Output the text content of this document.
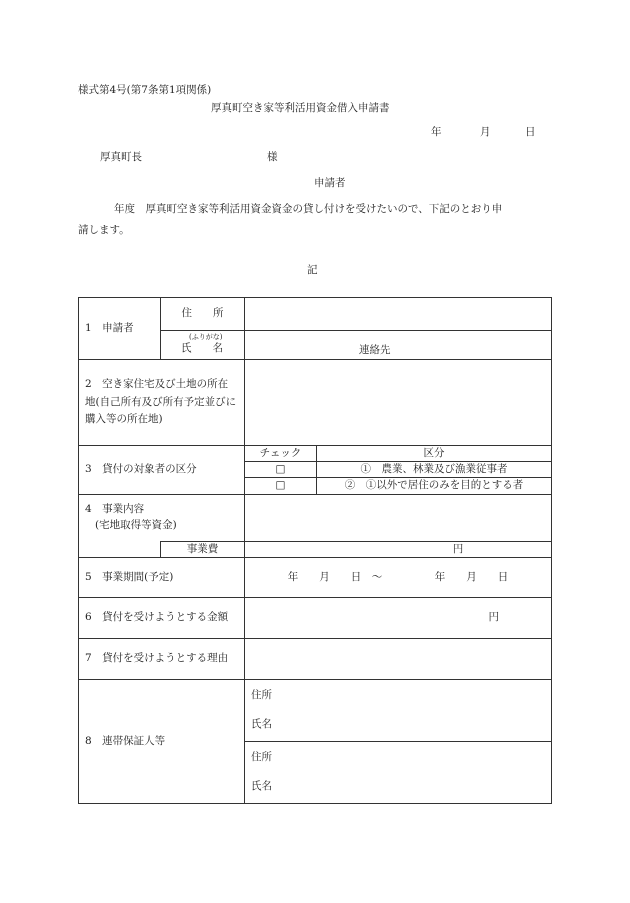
様式第4号(第7条第1項関係)
厚真町空き家等利活用資金借入申請書
年	月	日
厚真町長	様
申請者
年度　厚真町空き家等利活用資金資金の貸し付けを受けたいので、下記のとおり申
請します。
記
1　申請者	住　　所		

	(ふりがな)
氏　　名	連絡先	
2　空き家住宅及び土地の所在地(自己所有及び所有予定並びに購入等の所在地)			
3　貸付の対象者の区分		チェック	区分
		□	①　農業、林業及び漁業従事者
		□	②　①以外で居住のみを目的とする者
4　事業内容
(宅地取得等資金)			
	事業費	円	
5　事業期間(予定)		年　　月　　日　～　　　　　年　　月　　日	
6　貸付を受けようとする金額		円	
7　貸付を受けようとする理由			
8　連帯保証人等		住所
氏名	
		住所
氏名	
